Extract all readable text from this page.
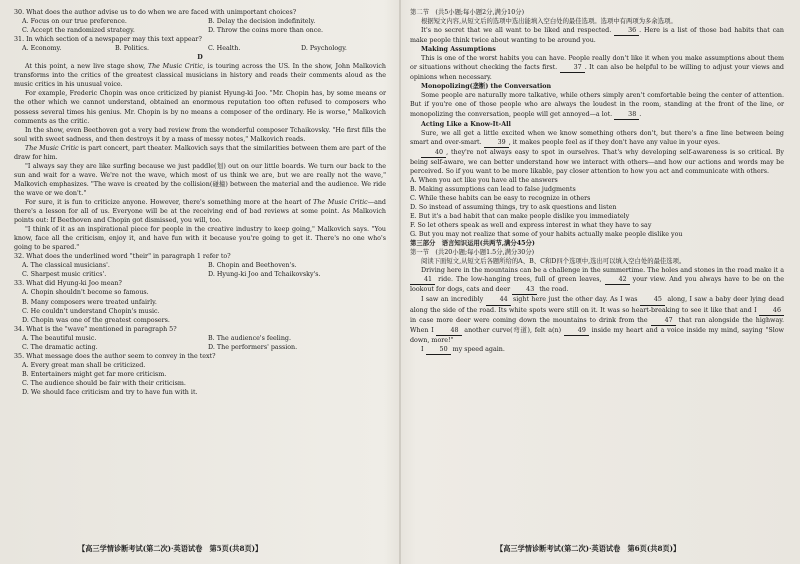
30. What does the author advise us to do when we are faced with unimportant choices?

A. Focus on our true preference.	B. Delay the decision indefinitely.
C. Accept the randomized strategy.	D. Throw the coins more than once.

31. In which section of a newspaper may this text appear?

A. Economy.	B. Politics.	C. Health.	D. Psychology.

D

At this point, a new live stage show, The Music Critic, is touring across the US. In the show, John Malkovich transforms into the critics of the greatest classical musicians in history and reads their comments aloud as the music critics in his unusual voice.

For example, Frederic Chopin was once criticized by pianist Hyung-ki Joo. "Mr. Chopin has, by some means or the other which we cannot understand, obtained an enormous reputation too often refused to composers who possess several times his genius. Mr. Chopin is by no means a composer of the ordinary. He is worse," Malkovich comments as the critic.

In the show, even Beethoven got a very bad review from the wonderful composer Tchaikovsky. "He first fills the soul with sweet sadness, and then destroys it by a mass of messy notes," Malkovich reads.

The Music Critic is part concert, part theater. Malkovich says that the similarities between them are part of the draw for him.

"I always say they are like surfing because we just paddle(划) out on our little boards. We turn our back to the sun and wait for a wave. We're not the wave, which most of us think we are, but we are really not the wave," Malkovich emphasizes. "The wave is created by the collision(碰撞) between the material and the audience. We ride the wave or we don't."

For sure, it is fun to criticize anyone. However, there's something more at the heart of The Music Critic—and there's a lesson for all of us. Everyone will be at the receiving end of bad reviews at some point. As Malkovich points out: If Beethoven and Chopin got dismissed, you will, too.

"I think of it as an inspirational piece for people in the creative industry to keep going," Malkovich says. "You know, face all the criticism, enjoy it, and have fun with it because you're going to get it. There's no one who's going to be spared."

32. What does the underlined word "their" in paragraph 1 refer to?

A. The classical musicians'.	B. Chopin and Beethoven's.
C. Sharpest music critics'.	D. Hyung-ki Joo and Tchaikovsky's.

33. What did Hyung-ki Joo mean?

A. Chopin shouldn't become so famous.

B. Many composers were treated unfairly.

C. He couldn't understand Chopin's music.

D. Chopin was one of the greatest composers.

34. What is the "wave" mentioned in paragraph 5?

A. The beautiful music.	B. The audience's feeling.
C. The dramatic acting.	D. The performers' passion.

35. What message does the author seem to convey in the text?

A. Every great man shall be criticized.

B. Entertainers might get far more criticism.

C. The audience should be fair with their criticism.

D. We should face criticism and try to have fun with it.

【高三学情诊断考试(第二次)·英语试卷　第5页(共8页)】

第二节　(共5小题;每小题2分,满分10分)

根据短文内容,从短文后的选项中选出能填入空白处的最佳选项。选项中有两项为多余选项。

It's no secret that we all want to be liked and respected. 36 . Here is a list of those bad habits that can make people think twice about wanting to be around you.

Making Assumptions

This is one of the worst habits you can have. People really don't like it when you make assumptions about them or situations without checking the facts first. 37 . It can also be helpful to be willing to adjust your views and opinions when necessary.

Monopolizing(垄断) the Conversation

Some people are naturally more talkative, while others simply aren't comfortable being the center of attention. But if you're one of those people who are always the loudest in the room, standing at the front of the line, or monopolizing the conversation, people will get annoyed—a lot. 38 .

Acting Like a Know-It-All

Sure, we all get a little excited when we know something others don't, but there's a fine line between being smart and over-smart. 39 , it makes people feel as if they don't have any value in your eyes.

40 , they're not always easy to spot in ourselves. That's why developing self-awareness is so critical. By being self-aware, we can better understand how we interact with others—and how our actions and words may be perceived. So if you want to be more likable, pay closer attention to how you act and communicate with others.

A. When you act like you have all the answers

B. Making assumptions can lead to false judgments

C. While these habits can be easy to recognize in others

D. So instead of assuming things, try to ask questions and listen

E. But it's a bad habit that can make people dislike you immediately

F. So let others speak as well and express interest in what they have to say

G. But you may not realize that some of your habits actually make people dislike you

第三部分　语言知识运用(共两节,满分45分)

第一节　(共20小题;每小题1.5分,满分30分)

阅读下面短文,从短文后各题所给的A、B、C和D四个选项中,选出可以填入空白处的最佳选项。

Driving here in the mountains can be a challenge in the summertime. The holes and stones in the road make it a 41 ride. The low-hanging trees, full of green leaves, 42 your view. And you always have to be on the lookout for dogs, cats and deer 43 the road.

I saw an incredibly 44 sight here just the other day. As I was 45 along, I saw a baby deer lying dead along the side of the road. Its white spots were still on it. It was so heart-breaking to see it like that and I 46 in case more deer were coming down the mountains to drink from the 47 that ran alongside the highway. When I 48 another curve(弯道), felt a(n) 49 inside my heart and a voice inside my mind, saying "Slow down, more!"

I 50 my speed again.

【高三学情诊断考试(第二次)·英语试卷　第6页(共8页)】
